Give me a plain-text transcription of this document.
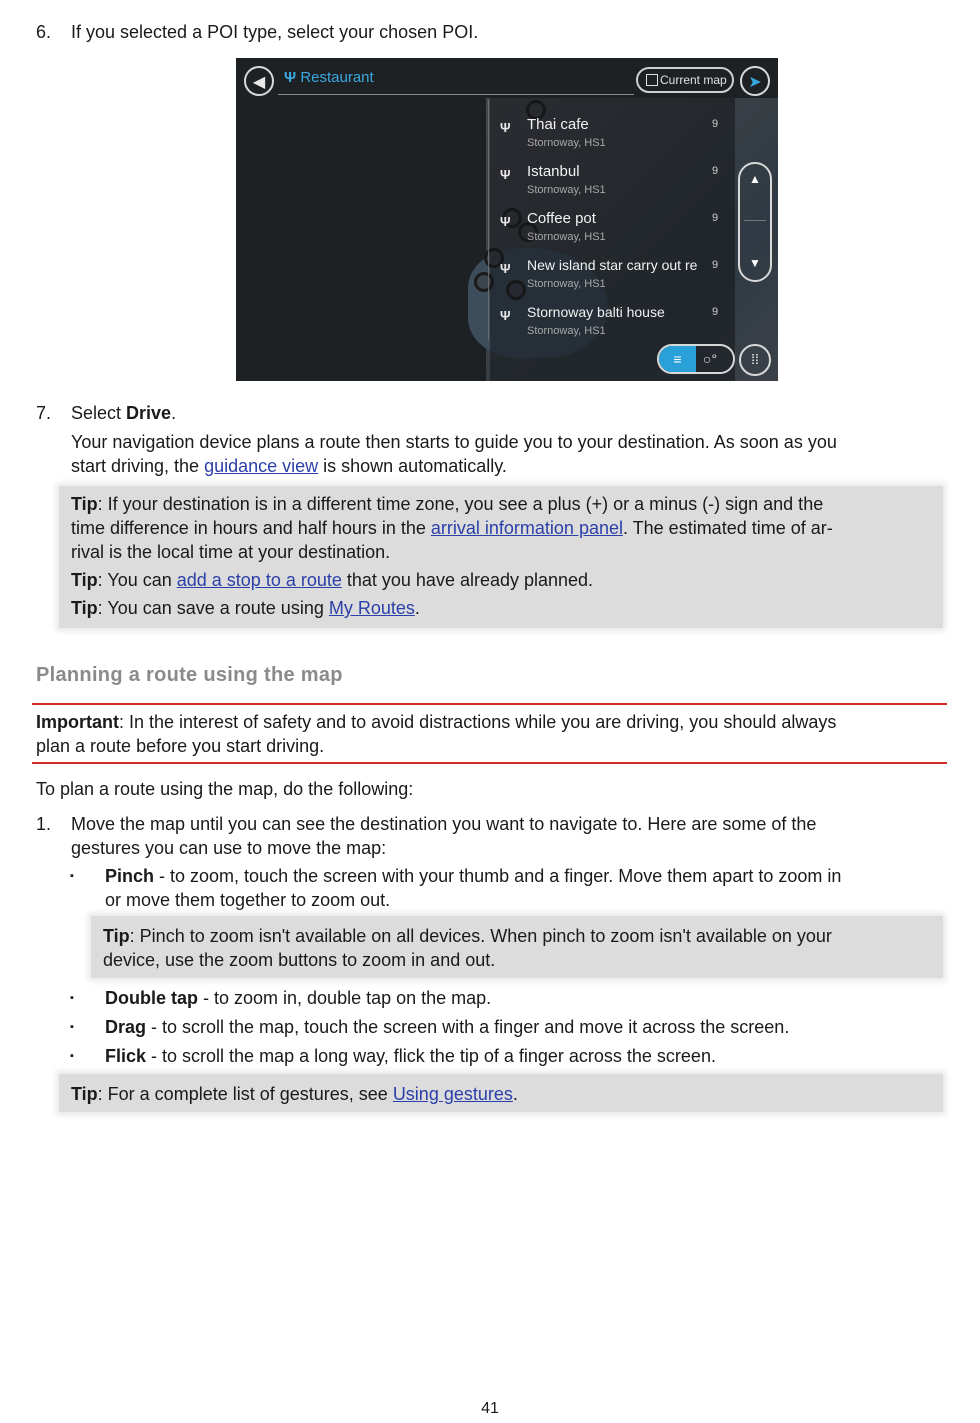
6. If you selected a POI type, select your chosen POI.
◀	Ψ Restaurant	Current map	➤
Ψ Thai cafe
Stornoway, HS1
9
Ψ Istanbul
Stornoway, HS1
9
Ψ Coffee pot
Stornoway, HS1
9
Ψ New island star carry out re
Stornoway, HS1
9
Ψ Stornoway balti house
Stornoway, HS1
9
▲
▼
≡	○°	⁞⁞
7. Select Drive.
Your navigation device plans a route then starts to guide you to your destination. As soon as you
start driving, the guidance view is shown automatically.
Tip: If your destination is in a different time zone, you see a plus (+) or a minus (-) sign and the
time difference in hours and half hours in the arrival information panel. The estimated time of ar-
rival is the local time at your destination.
Tip: You can add a stop to a route that you have already planned.
Tip: You can save a route using My Routes.
Planning a route using the map
Important: In the interest of safety and to avoid distractions while you are driving, you should always
plan a route before you start driving.
To plan a route using the map, do the following:
1. Move the map until you can see the destination you want to navigate to. Here are some of the
gestures you can use to move the map:
▪ Pinch - to zoom, touch the screen with your thumb and a finger. Move them apart to zoom in
or move them together to zoom out.
Tip: Pinch to zoom isn't available on all devices. When pinch to zoom isn't available on your
device, use the zoom buttons to zoom in and out.
▪ Double tap - to zoom in, double tap on the map.
▪ Drag - to scroll the map, touch the screen with a finger and move it across the screen.
▪ Flick - to scroll the map a long way, flick the tip of a finger across the screen.
Tip: For a complete list of gestures, see Using gestures.
41
